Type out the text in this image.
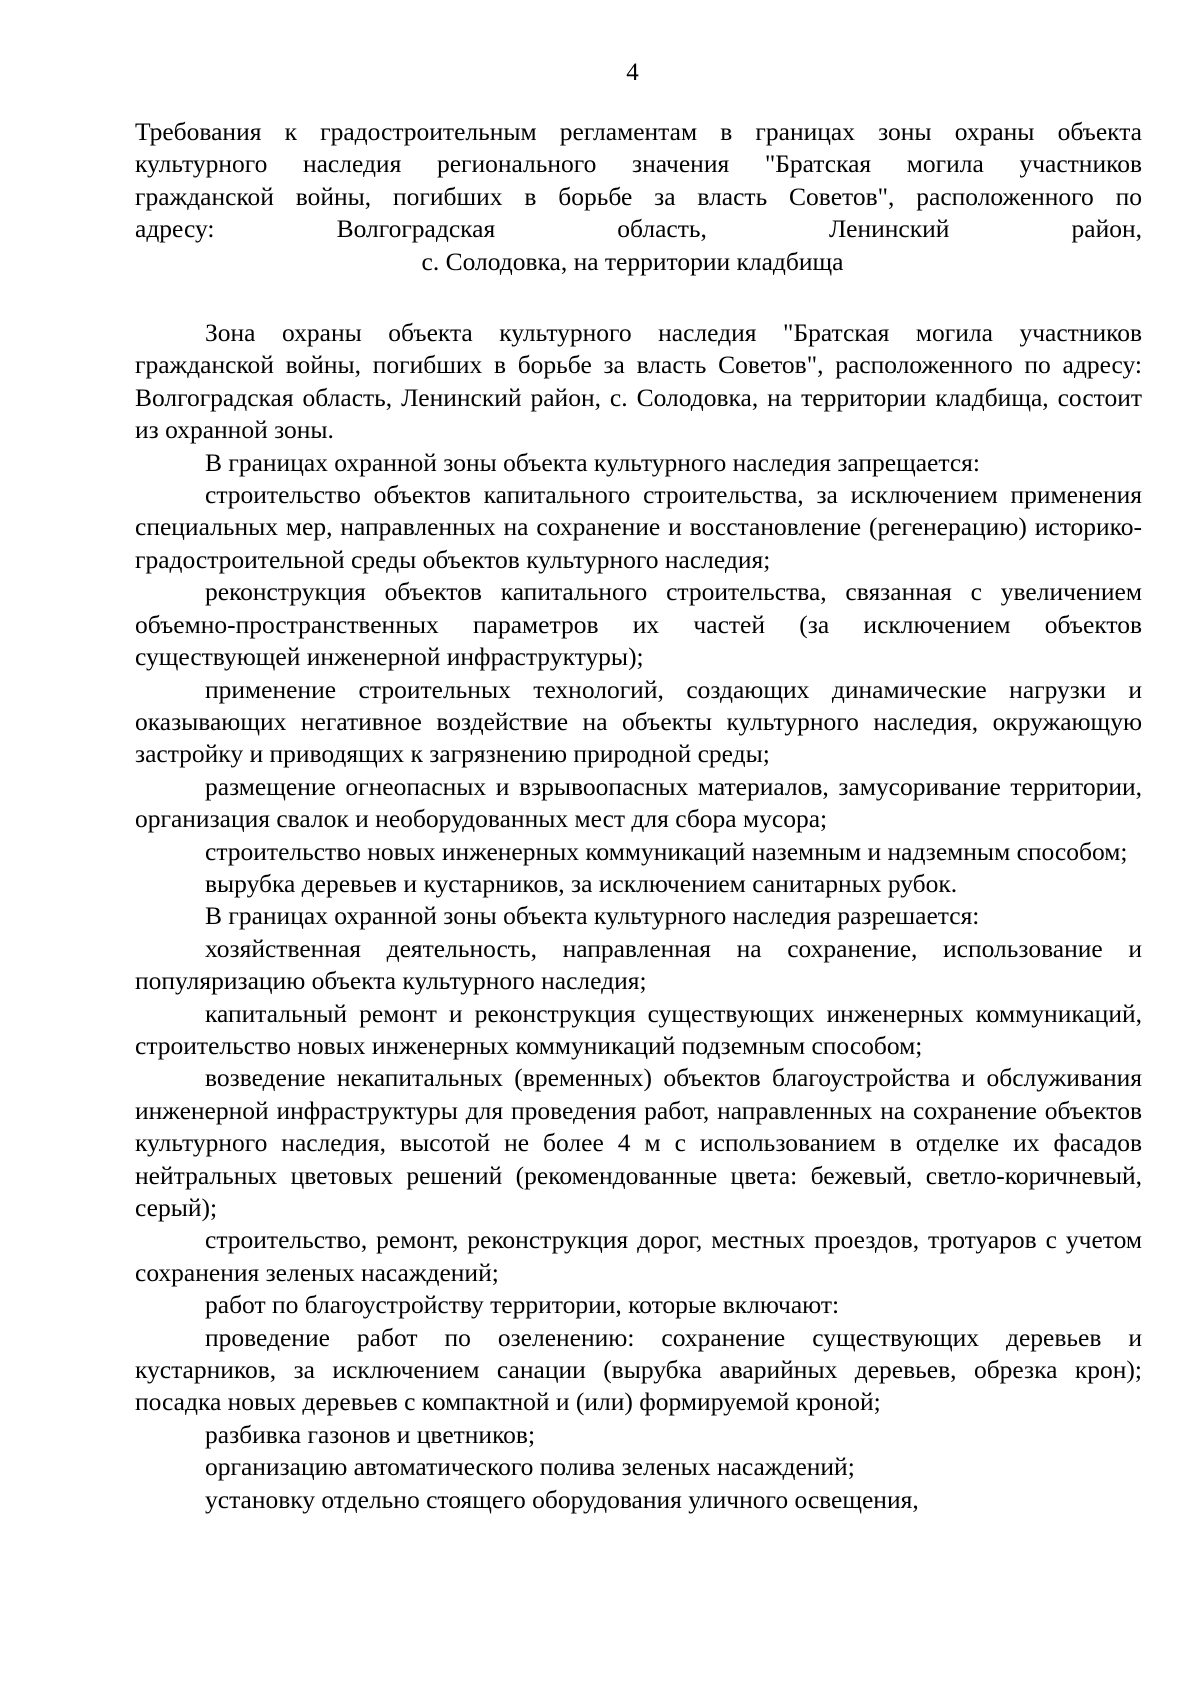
4

Требования к градостроительным регламентам в границах зоны охраны объекта

культурного наследия регионального значения "Братская могила участников

гражданской войны, погибших в борьбе за власть Советов", расположенного по

адресу: Волгоградская область, Ленинский район,

с. Солодовка, на территории кладбища

Зона охраны объекта культурного наследия "Братская могила участников гражданской войны, погибших в борьбе за власть Советов", расположенного по адресу: Волгоградская область, Ленинский район, с. Солодовка, на территории кладбища, состоит из охранной зоны.

В границах охранной зоны объекта культурного наследия запрещается:

строительство объектов капитального строительства, за исключением применения специальных мер, направленных на сохранение и восстановление (регенерацию) историко-градостроительной среды объектов культурного наследия;

реконструкция объектов капитального строительства, связанная с увеличением объемно-пространственных параметров их частей (за исключением объектов существующей инженерной инфраструктуры);

применение строительных технологий, создающих динамические нагрузки и оказывающих негативное воздействие на объекты культурного наследия, окружающую застройку и приводящих к загрязнению природной среды;

размещение огнеопасных и взрывоопасных материалов, замусоривание территории, организация свалок и необорудованных мест для сбора мусора;

строительство новых инженерных коммуникаций наземным и надземным способом;

вырубка деревьев и кустарников, за исключением санитарных рубок.

В границах охранной зоны объекта культурного наследия разрешается:

хозяйственная деятельность, направленная на сохранение, использование и популяризацию объекта культурного наследия;

капитальный ремонт и реконструкция существующих инженерных коммуникаций, строительство новых инженерных коммуникаций подземным способом;

возведение некапитальных (временных) объектов благоустройства и обслуживания инженерной инфраструктуры для проведения работ, направленных на сохранение объектов культурного наследия, высотой не более 4 м с использованием в отделке их фасадов нейтральных цветовых решений (рекомендованные цвета: бежевый, светло-коричневый, серый);

строительство, ремонт, реконструкция дорог, местных проездов, тротуаров с учетом сохранения зеленых насаждений;

работ по благоустройству территории, которые включают:

проведение работ по озеленению: сохранение существующих деревьев и кустарников, за исключением санации (вырубка аварийных деревьев, обрезка крон); посадка новых деревьев с компактной и (или) формируемой кроной;

разбивка газонов и цветников;

организацию автоматического полива зеленых насаждений;

установку отдельно стоящего оборудования уличного освещения,
